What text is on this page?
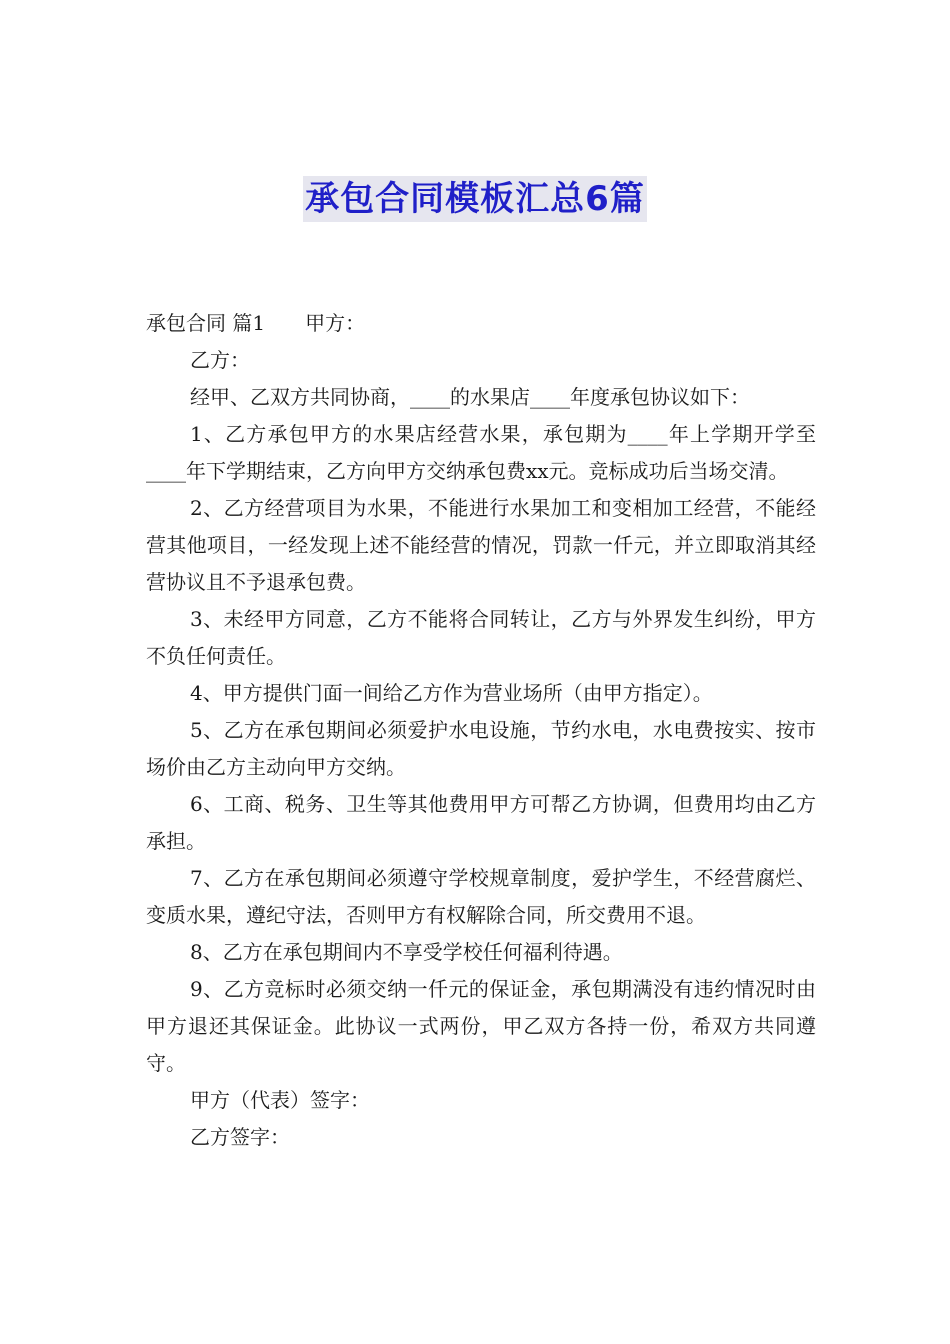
承包合同模板汇总6篇

承包合同 篇1 甲方：

乙方：

经甲、乙双方共同协商，____的水果店____年度承包协议如下：

1、乙方承包甲方的水果店经营水果，承包期为____年上学期开学至____年下学期结束，乙方向甲方交纳承包费xx元。竞标成功后当场交清。

2、乙方经营项目为水果，不能进行水果加工和变相加工经营，不能经营其他项目，一经发现上述不能经营的情况，罚款一仟元，并立即取消其经营协议且不予退承包费。

3、未经甲方同意，乙方不能将合同转让，乙方与外界发生纠纷，甲方不负任何责任。

4、甲方提供门面一间给乙方作为营业场所（由甲方指定）。

5、乙方在承包期间必须爱护水电设施，节约水电，水电费按实、按市场价由乙方主动向甲方交纳。

6、工商、税务、卫生等其他费用甲方可帮乙方协调，但费用均由乙方承担。

7、乙方在承包期间必须遵守学校规章制度，爱护学生，不经营腐烂、变质水果，遵纪守法，否则甲方有权解除合同，所交费用不退。

8、乙方在承包期间内不享受学校任何福利待遇。

9、乙方竞标时必须交纳一仟元的保证金，承包期满没有违约情况时由甲方退还其保证金。此协议一式两份，甲乙双方各持一份，希双方共同遵守。

甲方（代表）签字：

乙方签字：
